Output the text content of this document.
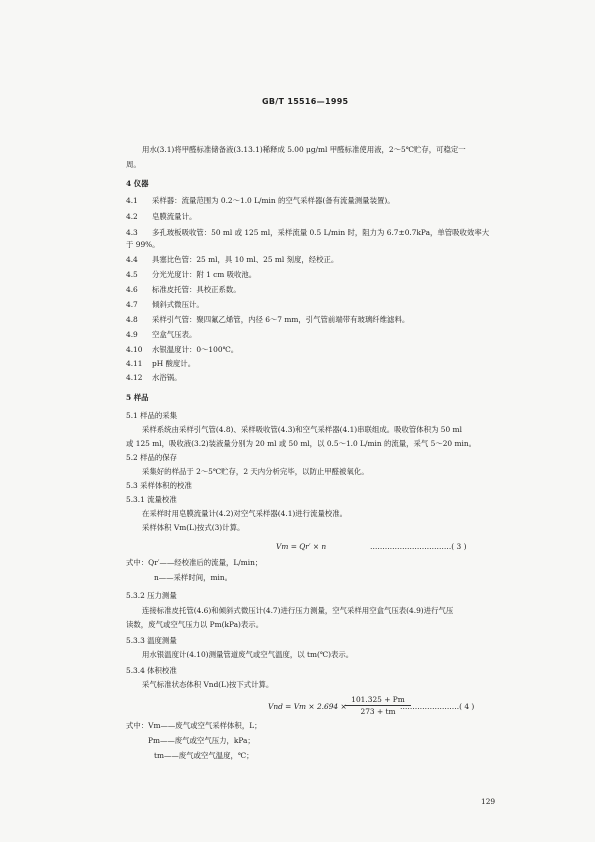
GB/T 15516—1995
用水(3.1)将甲醛标准储备液(3.13.1)稀释成 5.00 μg/ml 甲醛标准使用液，2～5℃贮存，可稳定一
周。
4 仪器
4.1 采样器：流量范围为 0.2～1.0 L/min 的空气采样器(备有流量测量装置)。
4.2 皂膜流量计。
4.3 多孔玻板吸收管：50 ml 或 125 ml，采样流量 0.5 L/min 时，阻力为 6.7±0.7kPa，单管吸收效率大
于 99%。
4.4 具塞比色管：25 ml，具 10 ml、25 ml 刻度，经校正。
4.5 分光光度计：附 1 cm 吸收池。
4.6 标准皮托管：具校正系数。
4.7 倾斜式微压计。
4.8 采样引气管：聚四氟乙烯管，内径 6～7 mm，引气管前端带有玻璃纤维滤料。
4.9 空盒气压表。
4.10 水银温度计：0～100℃。
4.11 pH 酸度计。
4.12 水浴锅。
5 样品
5.1 样品的采集
采样系统由采样引气管(4.8)、采样吸收管(4.3)和空气采样器(4.1)串联组成。吸收管体积为 50 ml
或 125 ml，吸收液(3.2)装液量分别为 20 ml 或 50 ml，以 0.5～1.0 L/min 的流量，采气 5～20 min。
5.2 样品的保存
采集好的样品于 2～5℃贮存，2 天内分析完毕，以防止甲醛被氧化。
5.3 采样体积的校准
5.3.1 流量校准
在采样时用皂膜流量计(4.2)对空气采样器(4.1)进行流量校准。
采样体积 Vm(L)按式(3)计算。
Vm = Qr′ × n	……………………………( 3 )
式中：Qr′——经校准后的流量，L/min；
n——采样时间，min。
5.3.2 压力测量
连接标准皮托管(4.6)和倾斜式微压计(4.7)进行压力测量，空气采样用空盒气压表(4.9)进行气压
读数，废气或空气压力以 Pm(kPa)表示。
5.3.3 温度测量
用水银温度计(4.10)测量管道废气或空气温度，以 tm(℃)表示。
5.3.4 体积校准
采气标准状态体积 Vnd(L)按下式计算。
Vnd = Vm × 2.694 ×
$\frac{101.325 + Pm}{273 + tm}$
……………………( 4 )
式中：Vm——废气或空气采样体积，L；
Pm——废气或空气压力，kPa；
tm——废气或空气温度，℃；
129
